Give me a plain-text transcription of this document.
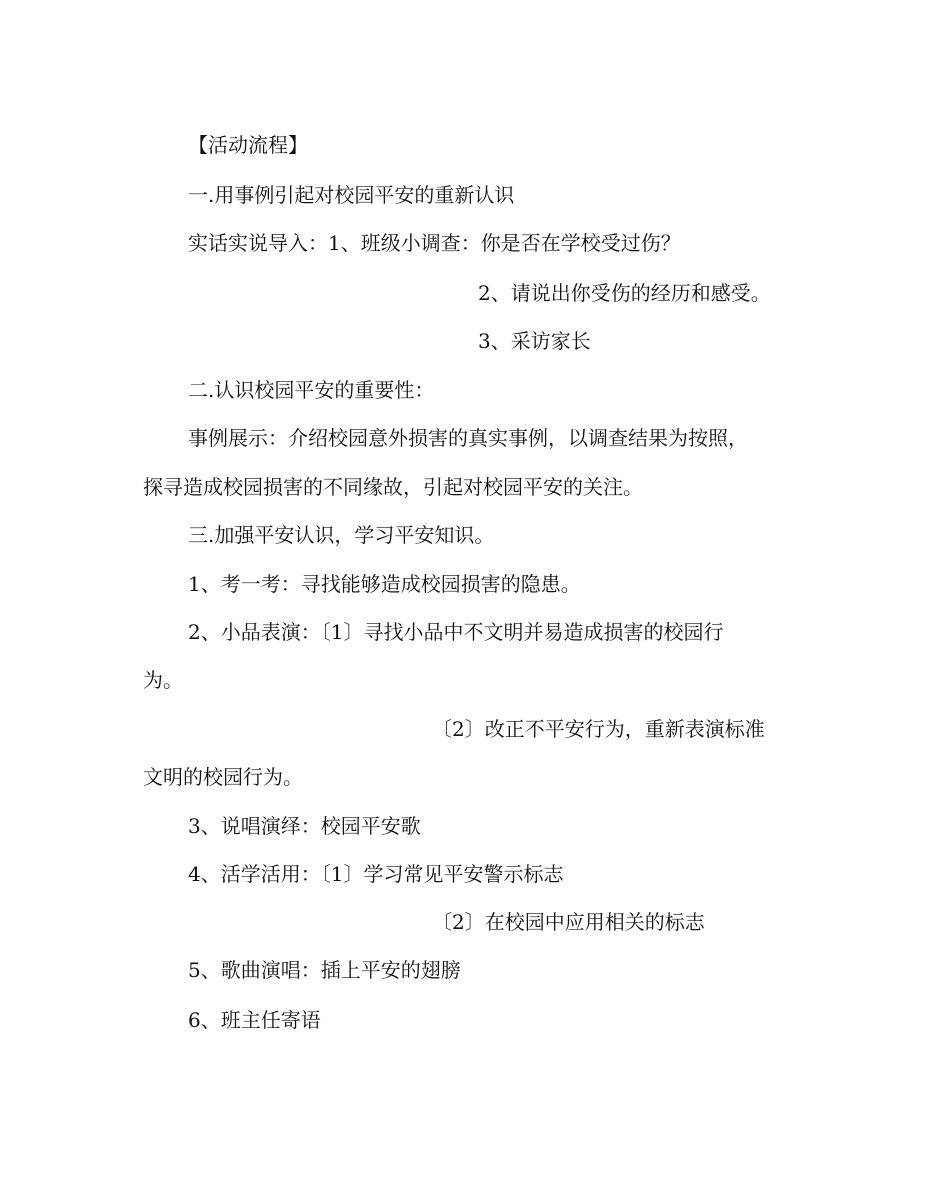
【活动流程】
一.用事例引起对校园平安的重新认识
实话实说导入：1、班级小调查：你是否在学校受过伤？
2、请说出你受伤的经历和感受。
3、采访家长
二.认识校园平安的重要性：
事例展示：介绍校园意外损害的真实事例，以调查结果为按照，
探寻造成校园损害的不同缘故，引起对校园平安的关注。
三.加强平安认识，学习平安知识。
1、考一考：寻找能够造成校园损害的隐患。
2、小品表演：〔1〕寻找小品中不文明并易造成损害的校园行
为。
〔2〕改正不平安行为，重新表演标准
文明的校园行为。
3、说唱演绎：校园平安歌
4、活学活用：〔1〕学习常见平安警示标志
〔2〕在校园中应用相关的标志
5、歌曲演唱：插上平安的翅膀
6、班主任寄语
